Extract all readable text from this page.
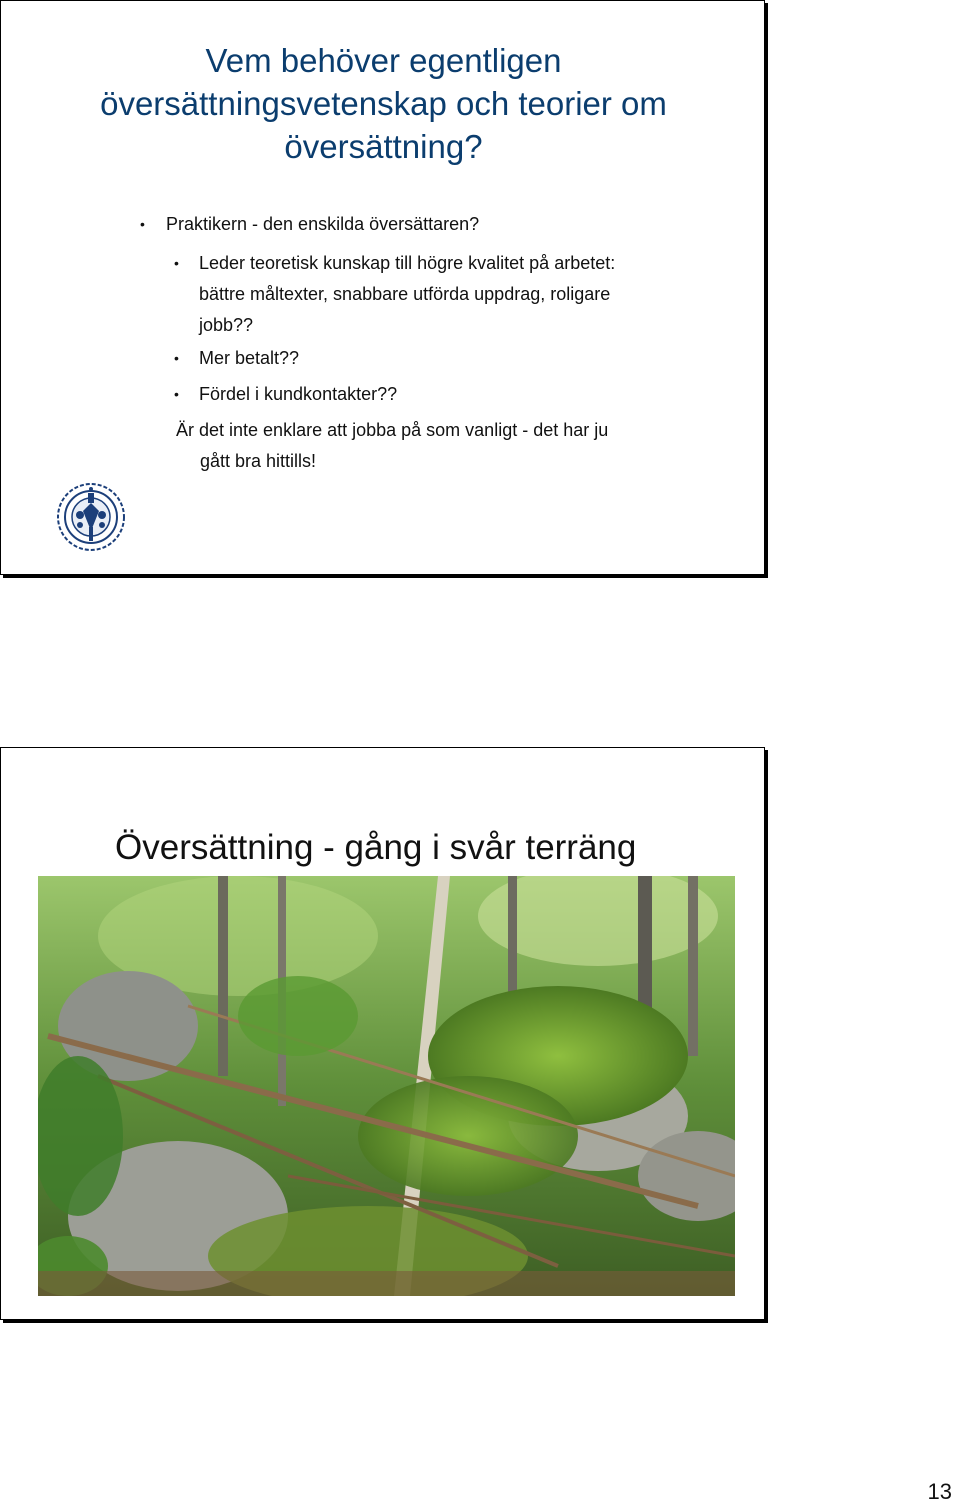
Vem behöver egentligen
översättningsvetenskap och teorier om
översättning?
• Praktikern - den enskilda översättaren?
• Leder teoretisk kunskap till högre kvalitet på arbetet:
bättre måltexter, snabbare utförda uppdrag, roligare
jobb??
• Mer betalt??
• Fördel i kundkontakter??
Är det inte enklare att jobba på som vanligt - det har ju
gått bra hittills!
Översättning - gång i svår terräng
13
